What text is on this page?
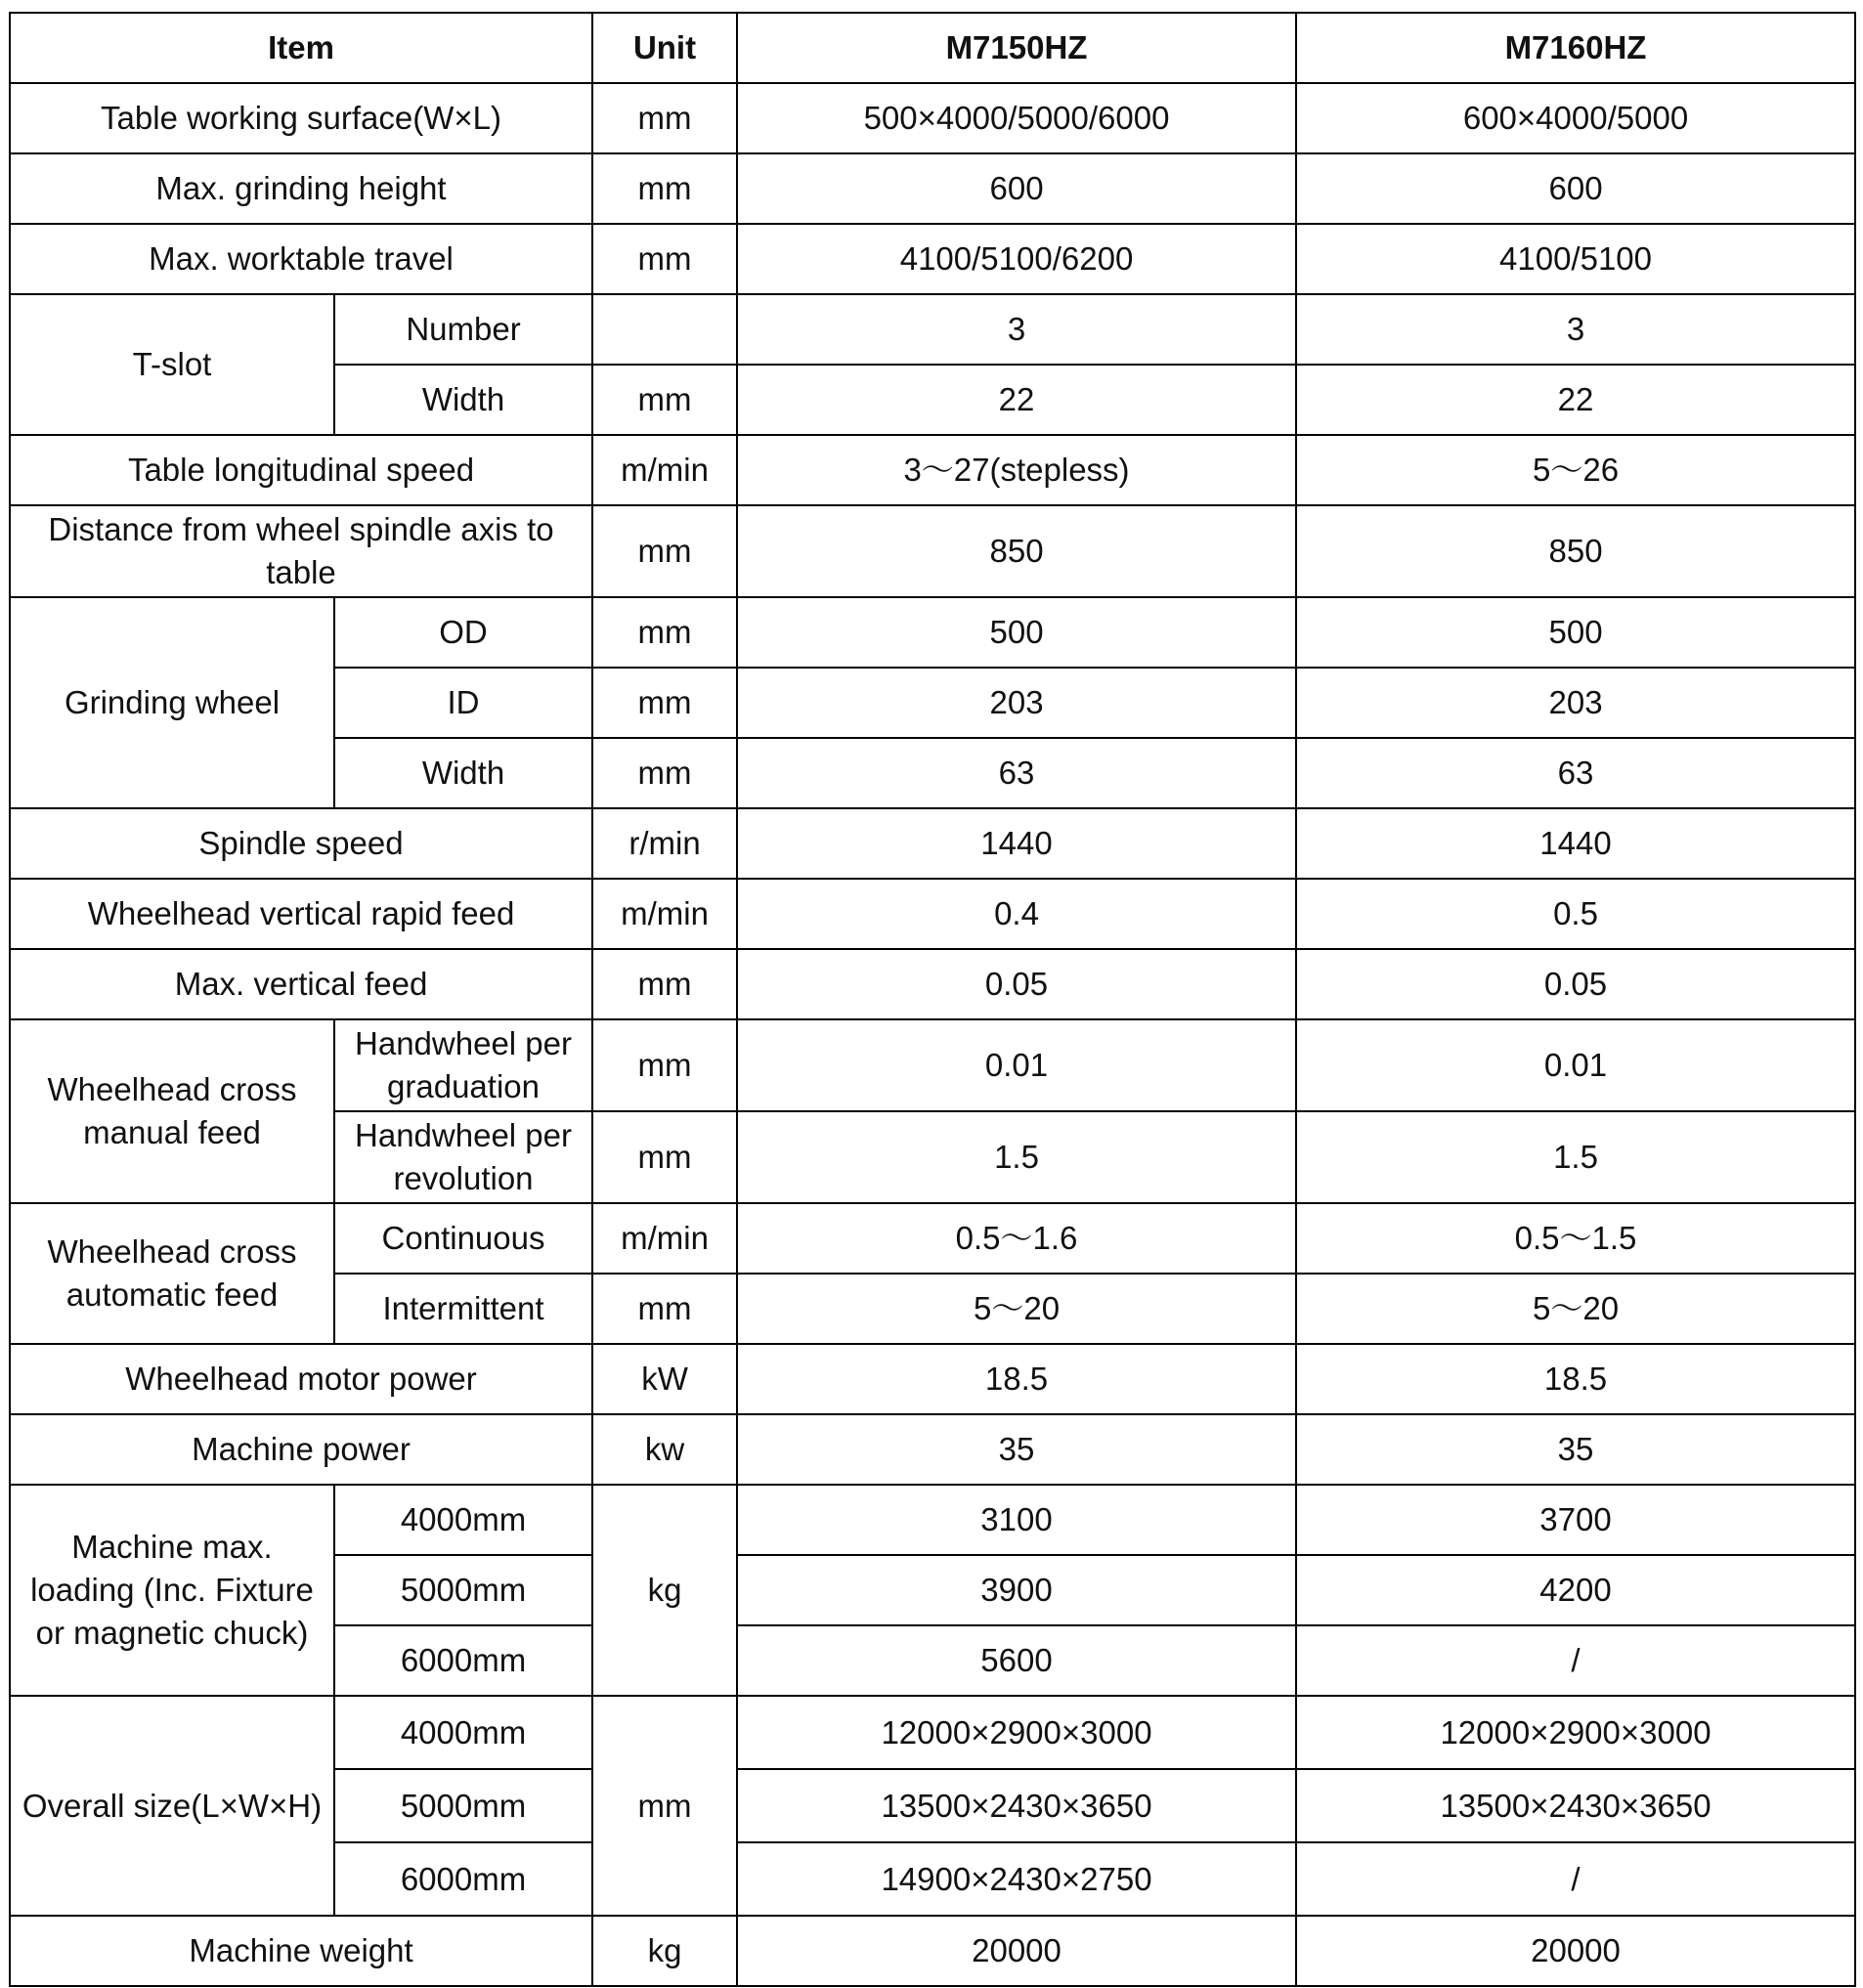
Item		Unit	M7150HZ	M7160HZ
Table working surface(W×L)		mm	500×4000/5000/6000	600×4000/5000
Max. grinding height		mm	600	600
Max. worktable travel		mm	4100/5100/6200	4100/5100
T-slot	Number		3	3
	Width	mm	22	22
Table longitudinal speed		m/min	3～27(stepless)	5～26
Distance from wheel spindle axis to table		mm	850	850
Grinding wheel	OD	mm	500	500
	ID	mm	203	203
	Width	mm	63	63
Spindle speed		r/min	1440	1440
Wheelhead vertical rapid feed		m/min	0.4	0.5
Max. vertical feed		mm	0.05	0.05
Wheelhead cross manual feed	Handwheel per graduation	mm	0.01	0.01
	Handwheel per revolution	mm	1.5	1.5
Wheelhead cross automatic feed	Continuous	m/min	0.5～1.6	0.5～1.5
	Intermittent	mm	5～20	5～20
Wheelhead motor power		kW	18.5	18.5
Machine power		kw	35	35
Machine max. loading (Inc. Fixture or magnetic chuck)	4000mm	kg	3100	3700
	5000mm		3900	4200
	6000mm		5600	/
Overall size(L×W×H)	4000mm	mm	12000×2900×3000	12000×2900×3000
	5000mm		13500×2430×3650	13500×2430×3650
	6000mm		14900×2430×2750	/
Machine weight		kg	20000	20000
